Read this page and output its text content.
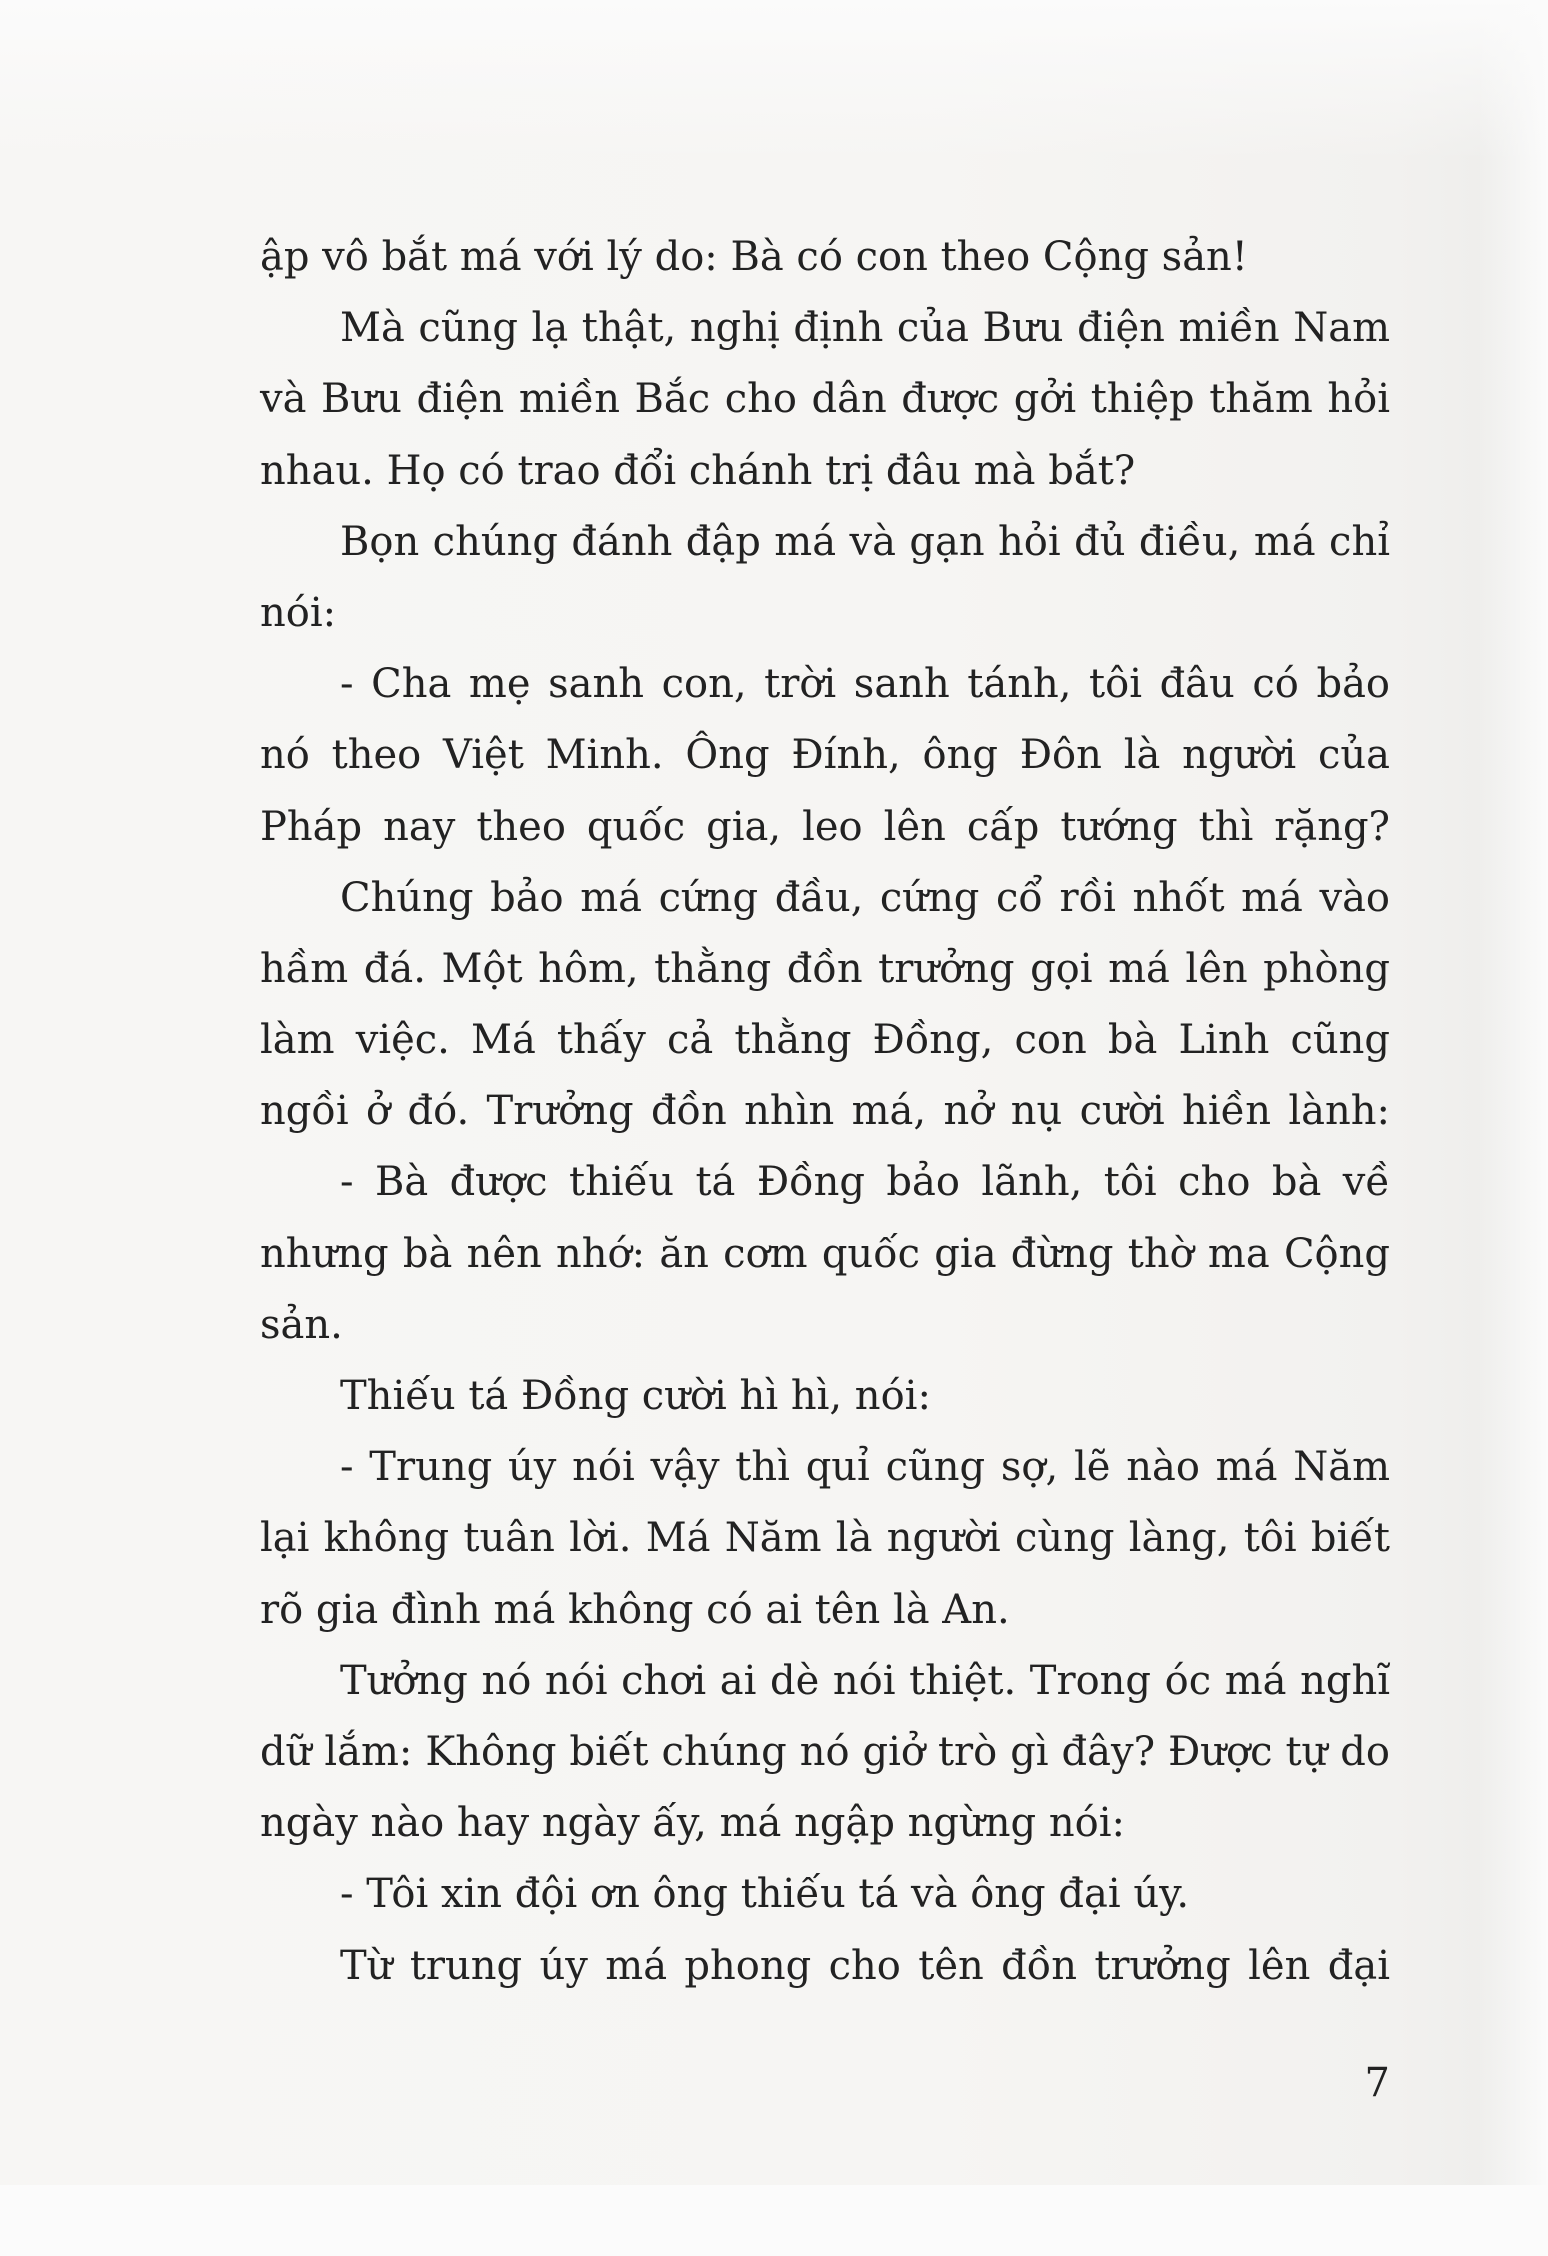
ập vô bắt má với lý do: Bà có con theo Cộng sản!
Mà cũng lạ thật, nghị định của Bưu điện miền Nam
và Bưu điện miền Bắc cho dân được gởi thiệp thăm hỏi
nhau. Họ có trao đổi chánh trị đâu mà bắt?
Bọn chúng đánh đập má và gạn hỏi đủ điều, má chỉ
nói:
- Cha mẹ sanh con, trời sanh tánh, tôi đâu có bảo
nó theo Việt Minh. Ông Đính, ông Đôn là người của
Pháp nay theo quốc gia, leo lên cấp tướng thì rặng?
Chúng bảo má cứng đầu, cứng cổ rồi nhốt má vào
hầm đá. Một hôm, thằng đồn trưởng gọi má lên phòng
làm việc. Má thấy cả thằng Đồng, con bà Linh cũng
ngồi ở đó. Trưởng đồn nhìn má, nở nụ cười hiền lành:
- Bà được thiếu tá Đồng bảo lãnh, tôi cho bà về
nhưng bà nên nhớ: ăn cơm quốc gia đừng thờ ma Cộng
sản.
Thiếu tá Đồng cười hì hì, nói:
- Trung úy nói vậy thì quỉ cũng sợ, lẽ nào má Năm
lại không tuân lời. Má Năm là người cùng làng, tôi biết
rõ gia đình má không có ai tên là An.
Tưởng nó nói chơi ai dè nói thiệt. Trong óc má nghĩ
dữ lắm: Không biết chúng nó giở trò gì đây? Được tự do
ngày nào hay ngày ấy, má ngập ngừng nói:
- Tôi xin đội ơn ông thiếu tá và ông đại úy.
Từ trung úy má phong cho tên đồn trưởng lên đại
7
